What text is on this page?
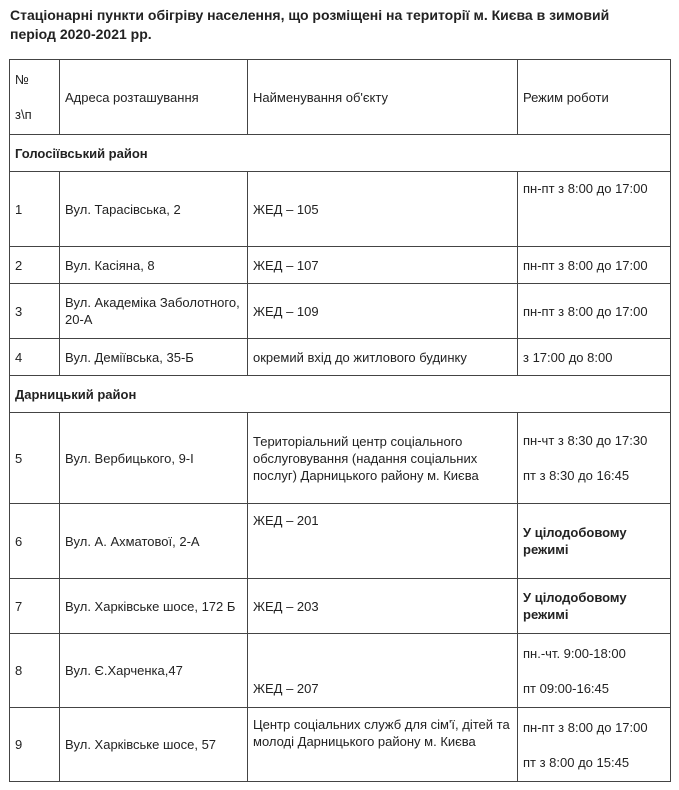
Стаціонарні пункти обігріву населення, що розміщені на території м. Києва в зимовий період 2020-2021 рр.

№
з\п	Адреса розташування	Найменування об'єкту	Режим роботи
Голосіївський район			
1	Вул. Тарасівська, 2	ЖЕД – 105	пн-пт з 8:00 до 17:00
2	Вул. Касіяна, 8	ЖЕД – 107	пн-пт з 8:00 до 17:00
3	Вул. Академіка Заболотного, 20-А	ЖЕД – 109	пн-пт з 8:00 до 17:00
4	Вул. Деміївська, 35-Б	окремий вхід до житлового будинку	з 17:00 до 8:00
Дарницький район			
5	Вул. Вербицького, 9-І	Територіальний центр соціального обслуговування (надання соціальних послуг) Дарницького району м. Києва	пн-чт з 8:30 до 17:30
пт з 8:30 до 16:45
6	Вул. А. Ахматової, 2-А	ЖЕД – 201	У цілодобовому режимі
7	Вул. Харківське шосе, 172 Б	ЖЕД – 203	У цілодобовому режимі
8	Вул. Є.Харченка,47	ЖЕД – 207	пн.-чт. 9:00-18:00
пт 09:00-16:45
9	Вул. Харківське шосе, 57	Центр соціальних служб для сім'ї, дітей та молоді Дарницького району м. Києва	пн-пт з 8:00 до 17:00
пт з 8:00 до 15:45
